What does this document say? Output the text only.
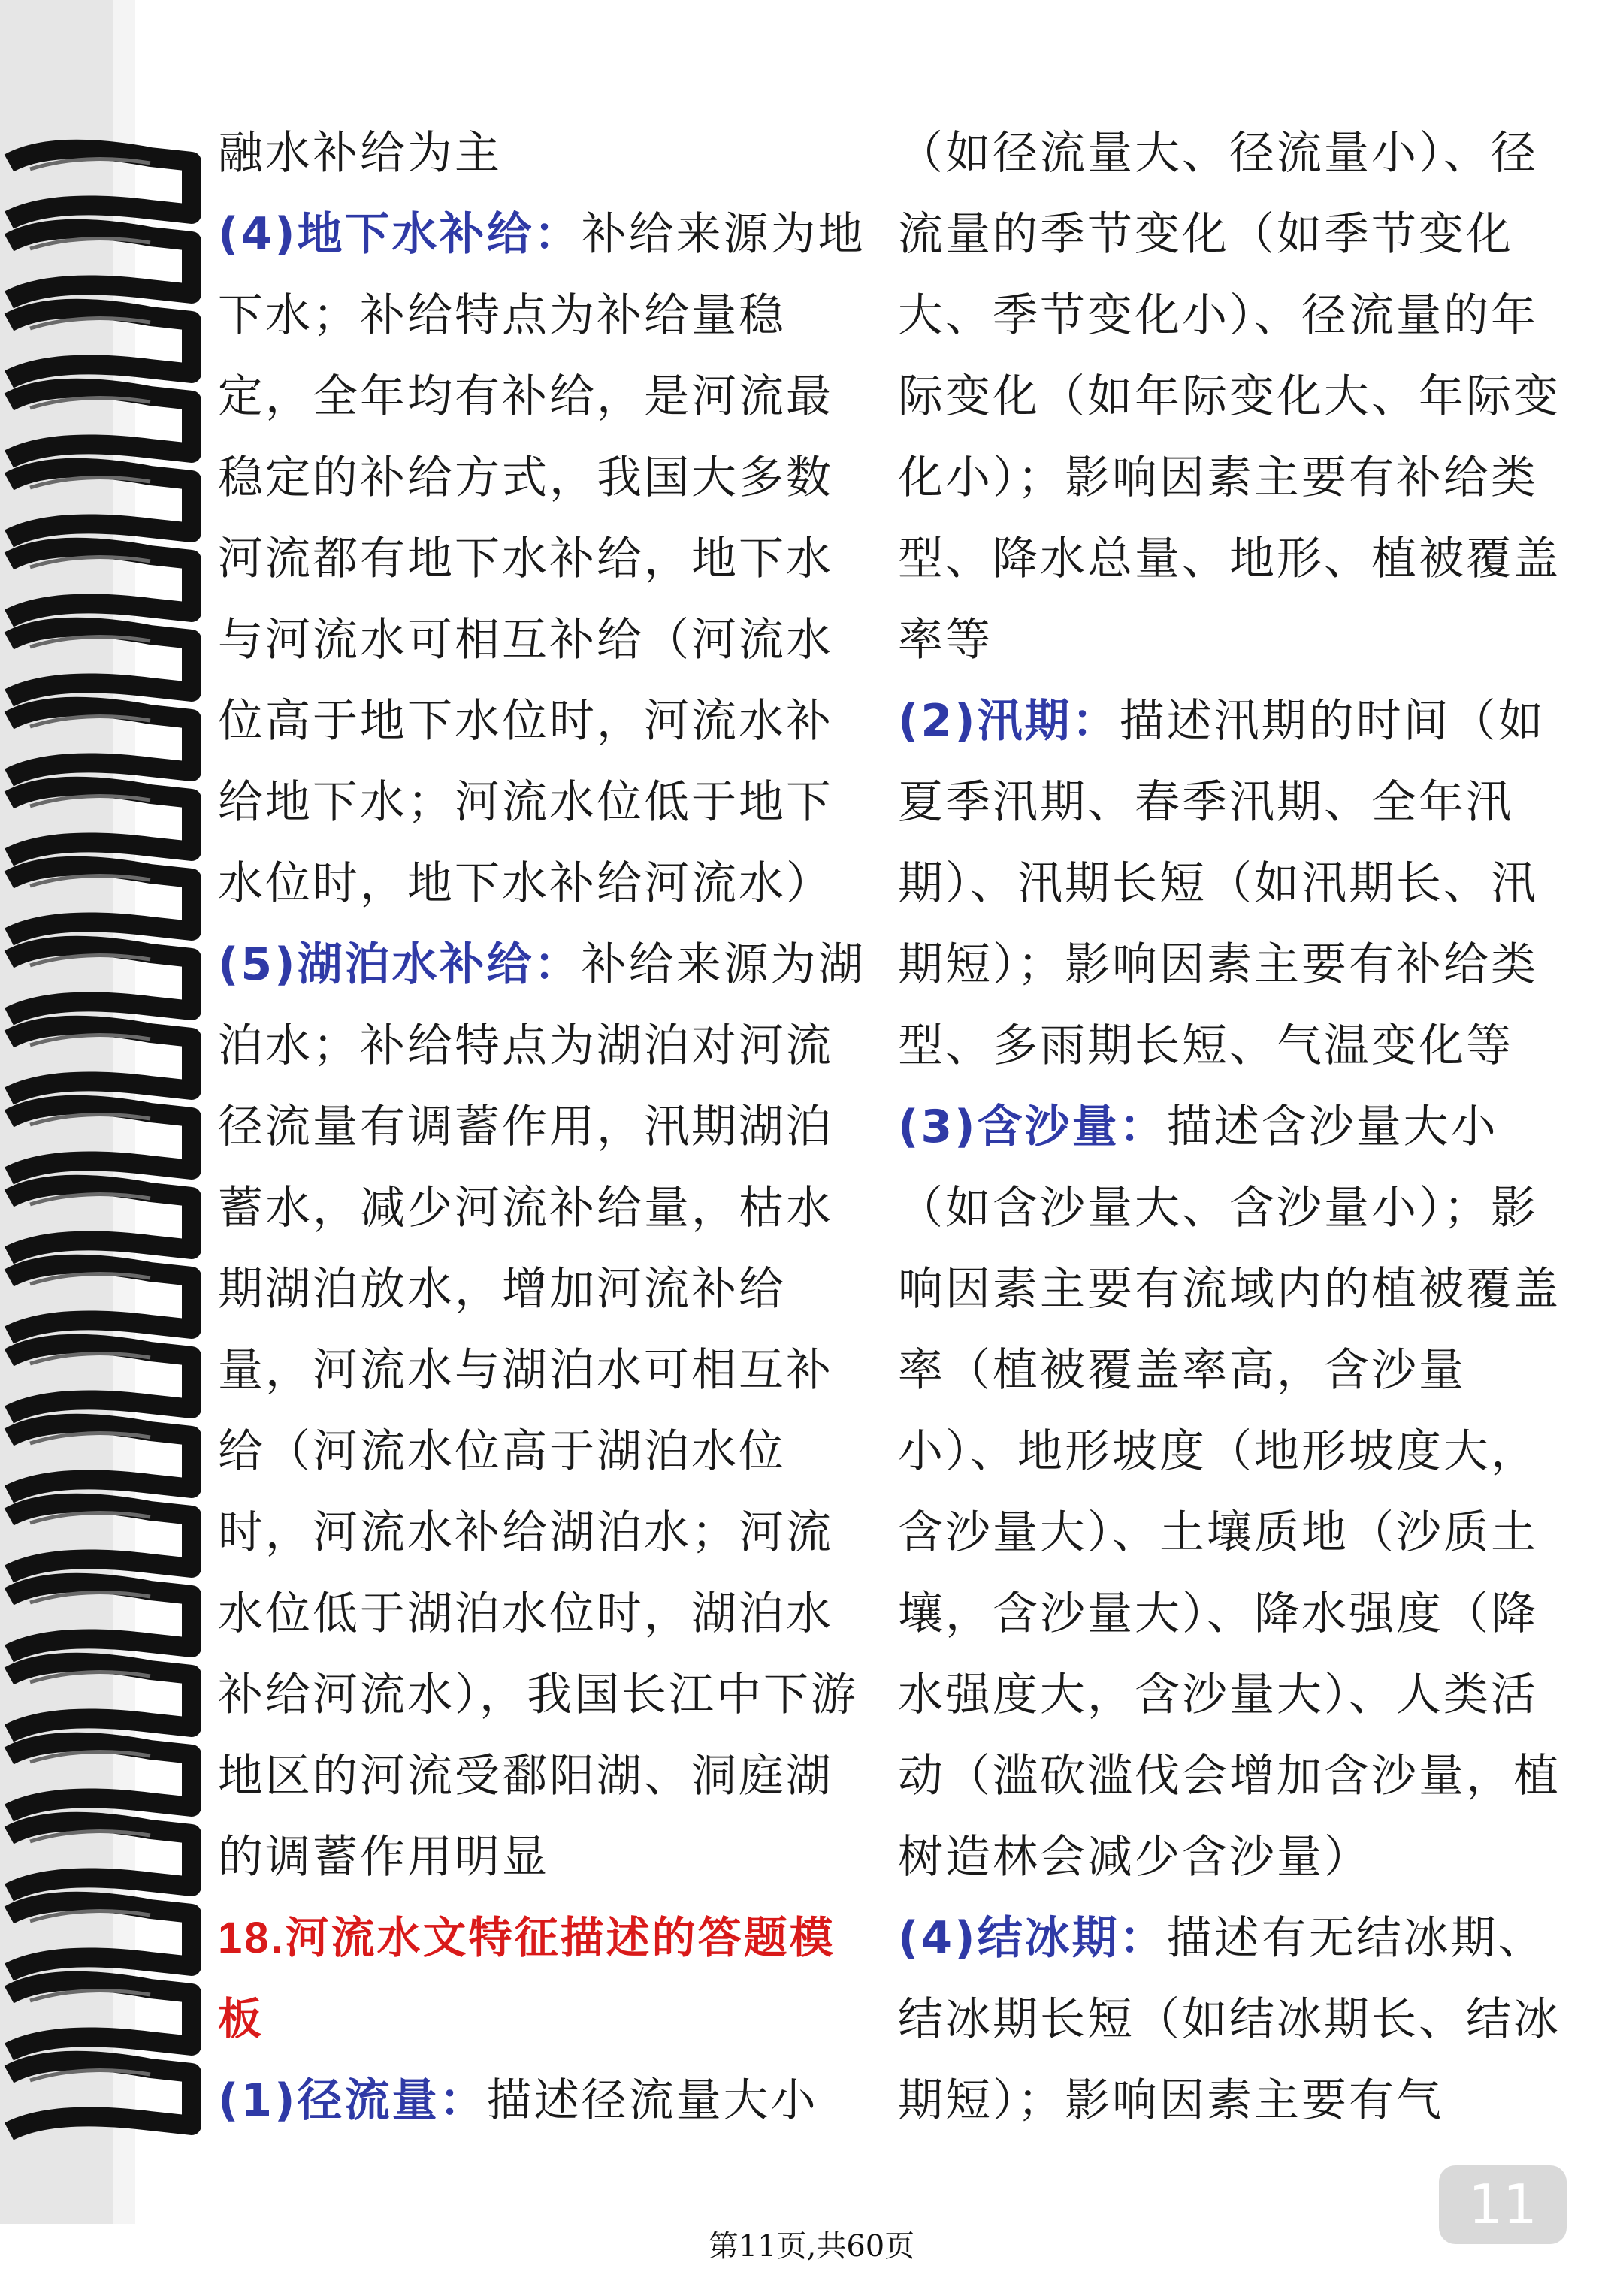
融水补给为主

(4)地下水补给：补给来源为地下水；补给特点为补给量稳定，全年均有补给，是河流最稳定的补给方式，我国大多数河流都有地下水补给，地下水与河流水可相互补给（河流水位高于地下水位时，河流水补给地下水；河流水位低于地下水位时，地下水补给河流水）

(5)湖泊水补给：补给来源为湖泊水；补给特点为湖泊对河流径流量有调蓄作用，汛期湖泊蓄水，减少河流补给量，枯水期湖泊放水，增加河流补给量，河流水与湖泊水可相互补给（河流水位高于湖泊水位时，河流水补给湖泊水；河流水位低于湖泊水位时，湖泊水补给河流水），我国长江中下游地区的河流受鄱阳湖、洞庭湖的调蓄作用明显

18.河流水文特征描述的答题模板

(1)径流量：描述径流量大小

（如径流量大、径流量小）、径流量的季节变化（如季节变化大、季节变化小）、径流量的年际变化（如年际变化大、年际变化小）；影响因素主要有补给类型、降水总量、地形、植被覆盖率等

(2)汛期：描述汛期的时间（如夏季汛期、春季汛期、全年汛期）、汛期长短（如汛期长、汛期短）；影响因素主要有补给类型、多雨期长短、气温变化等

(3)含沙量：描述含沙量大小（如含沙量大、含沙量小）；影响因素主要有流域内的植被覆盖率（植被覆盖率高，含沙量小）、地形坡度（地形坡度大，含沙量大）、土壤质地（沙质土壤，含沙量大）、降水强度（降水强度大，含沙量大）、人类活动（滥砍滥伐会增加含沙量，植树造林会减少含沙量）

(4)结冰期：描述有无结冰期、结冰期长短（如结冰期长、结冰期短）；影响因素主要有气

11
第11页,共60页
